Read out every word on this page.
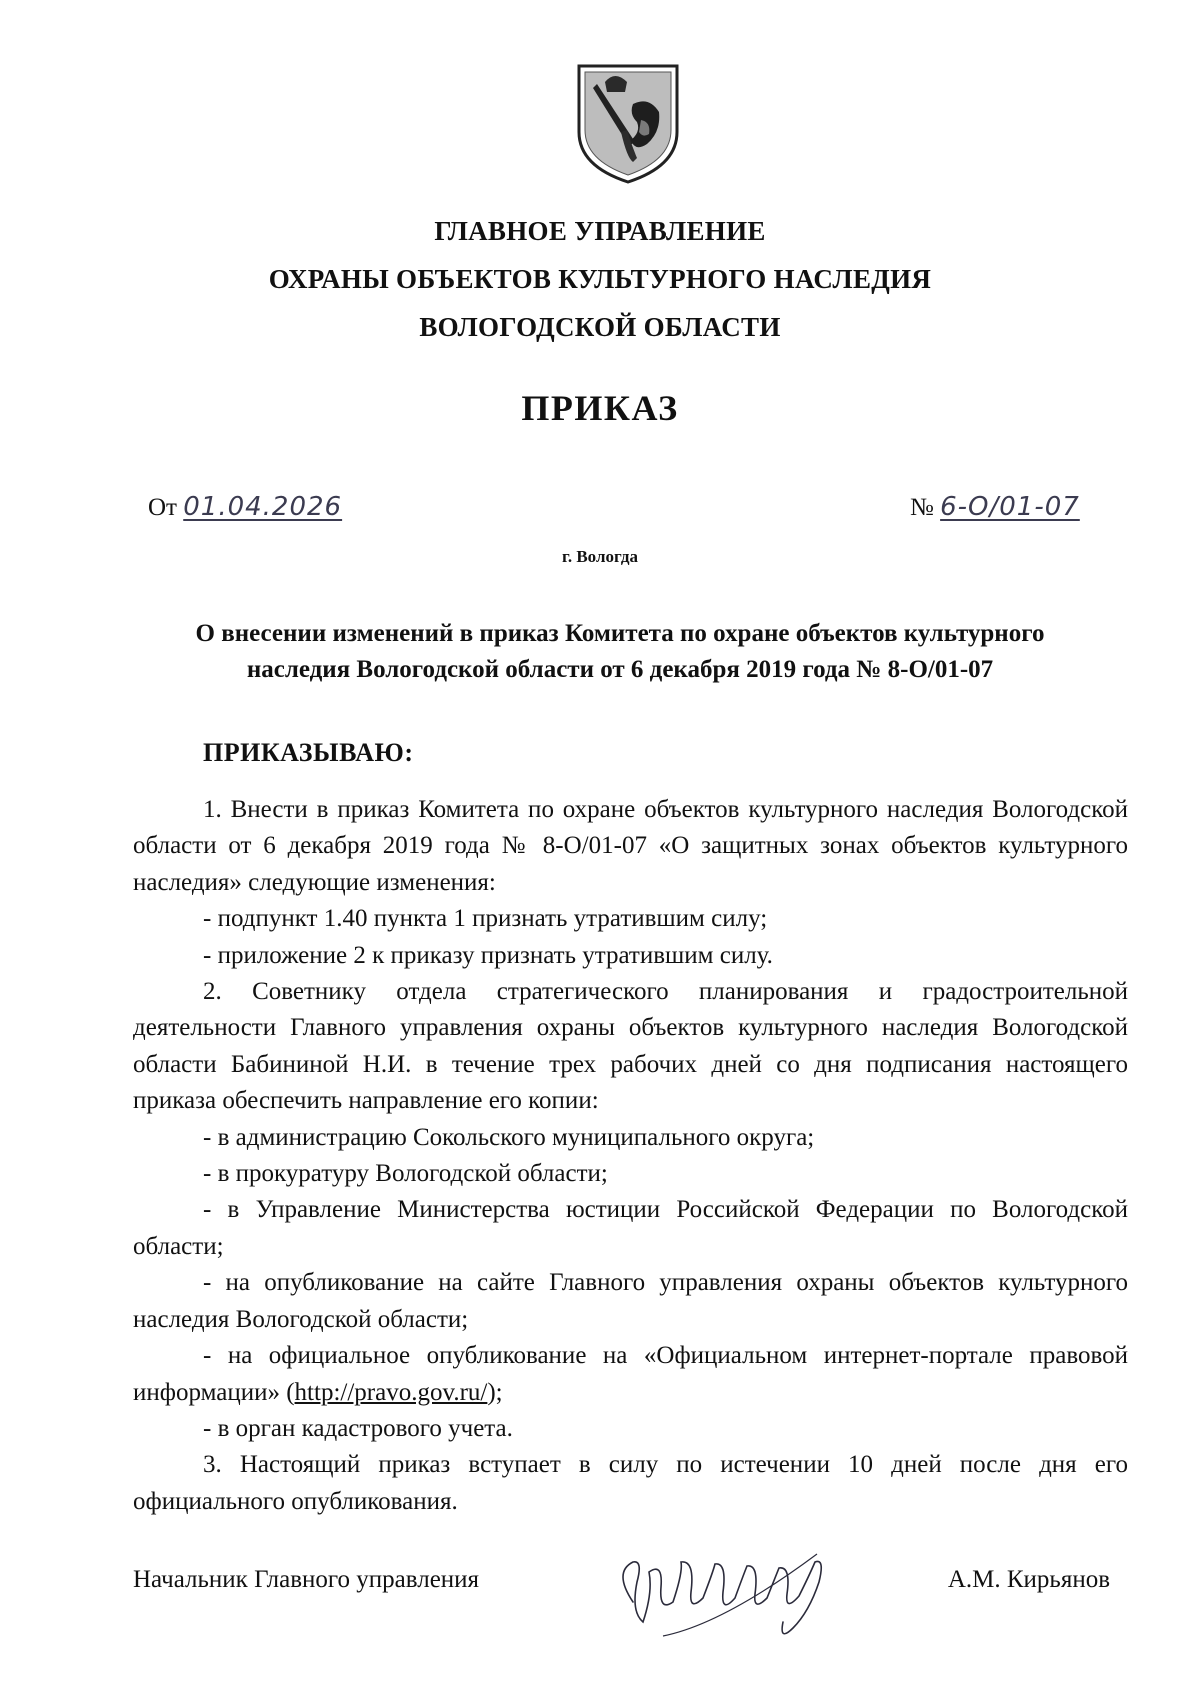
ГЛАВНОЕ УПРАВЛЕНИЕ
ОХРАНЫ ОБЪЕКТОВ КУЛЬТУРНОГО НАСЛЕДИЯ
ВОЛОГОДСКОЙ ОБЛАСТИ
ПРИКАЗ
От 01.04.2026	№ 6-О/01-07
г. Вологда
О внесении изменений в приказ Комитета по охране объектов культурного наследия Вологодской области от 6 декабря 2019 года № 8-О/01-07
ПРИКАЗЫВАЮ:

1. Внести в приказ Комитета по охране объектов культурного наследия Вологодской области от 6 декабря 2019 года № 8-О/01-07 «О защитных зонах объектов культурного наследия» следующие изменения:

- подпункт 1.40 пункта 1 признать утратившим силу;

- приложение 2 к приказу признать утратившим силу.

2. Советнику отдела стратегического планирования и градостроительной деятельности Главного управления охраны объектов культурного наследия Вологодской области Бабининой Н.И. в течение трех рабочих дней со дня подписания настоящего приказа обеспечить направление его копии:

- в администрацию Сокольского муниципального округа;

- в прокуратуру Вологодской области;

- в Управление Министерства юстиции Российской Федерации по Вологодской области;

- на опубликование на сайте Главного управления охраны объектов культурного наследия Вологодской области;

- на официальное опубликование на «Официальном интернет-портале правовой информации» (http://pravo.gov.ru/);

- в орган кадастрового учета.

3. Настоящий приказ вступает в силу по истечении 10 дней после дня его официального опубликования.

Начальник Главного управления	А.М. Кирьянов
